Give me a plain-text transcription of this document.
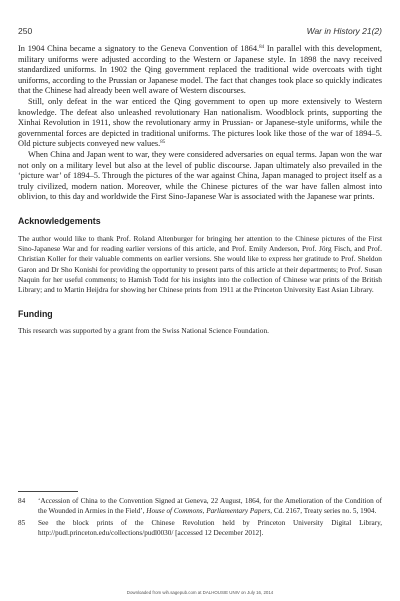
250	War in History 21(2)

In 1904 China became a signatory to the Geneva Convention of 1864.84 In parallel with this development, military uniforms were adjusted according to the Western or Japanese style. In 1898 the navy received standardized uniforms. In 1902 the Qing government replaced the traditional wide overcoats with tight uniforms, according to the Prussian or Japanese model. The fact that changes took place so quickly indicates that the Chinese had already been well aware of Western discourses.

Still, only defeat in the war enticed the Qing government to open up more extensively to Western knowledge. The defeat also unleashed revolutionary Han nationalism. Woodblock prints, supporting the Xinhai Revolution in 1911, show the revolutionary army in Prussian- or Japanese-style uniforms, while the governmental forces are depicted in traditional uniforms. The pictures look like those of the war of 1894–5. Old picture subjects conveyed new values.$^{85}$

When China and Japan went to war, they were considered adversaries on equal terms. Japan won the war not only on a military level but also at the level of public discourse. Japan ultimately also prevailed in the ‘picture war’ of 1894–5. Through the pictures of the war against China, Japan managed to project itself as a truly civilized, modern nation. Moreover, while the Chinese pictures of the war have fallen almost into oblivion, to this day and worldwide the First Sino-Japanese War is associated with the Japanese war prints.

Acknowledgements

The author would like to thank Prof. Roland Altenburger for bringing her attention to the Chinese pictures of the First Sino-Japanese War and for reading earlier versions of this article, and Prof. Emily Anderson, Prof. Jörg Fisch, and Prof. Christian Koller for their valuable comments on earlier versions. She would like to express her gratitude to Prof. Sheldon Garon and Dr Sho Konishi for providing the opportunity to present parts of this article at their departments; to Prof. Susan Naquin for her useful comments; to Hamish Todd for his insights into the collection of Chinese war prints of the British Library; and to Martin Heijdra for showing her Chinese prints from 1911 at the Princeton University East Asian Library.

Funding

This research was supported by a grant from the Swiss National Science Foundation.

84	‘Accession of China to the Convention Signed at Geneva, 22 August, 1864, for the Amelioration of the Condition of the Wounded in Armies in the Field’, House of Commons, Parliamentary Papers, Cd. 2167, Treaty series no. 5, 1904.
85	See the block prints of the Chinese Revolution held by Princeton University Digital Library, http://pudl.princeton.edu/collections/pudl0030/ [accessed 12 December 2012].
Downloaded from wih.sagepub.com at DALHOUSIE UNIV on July 16, 2014
